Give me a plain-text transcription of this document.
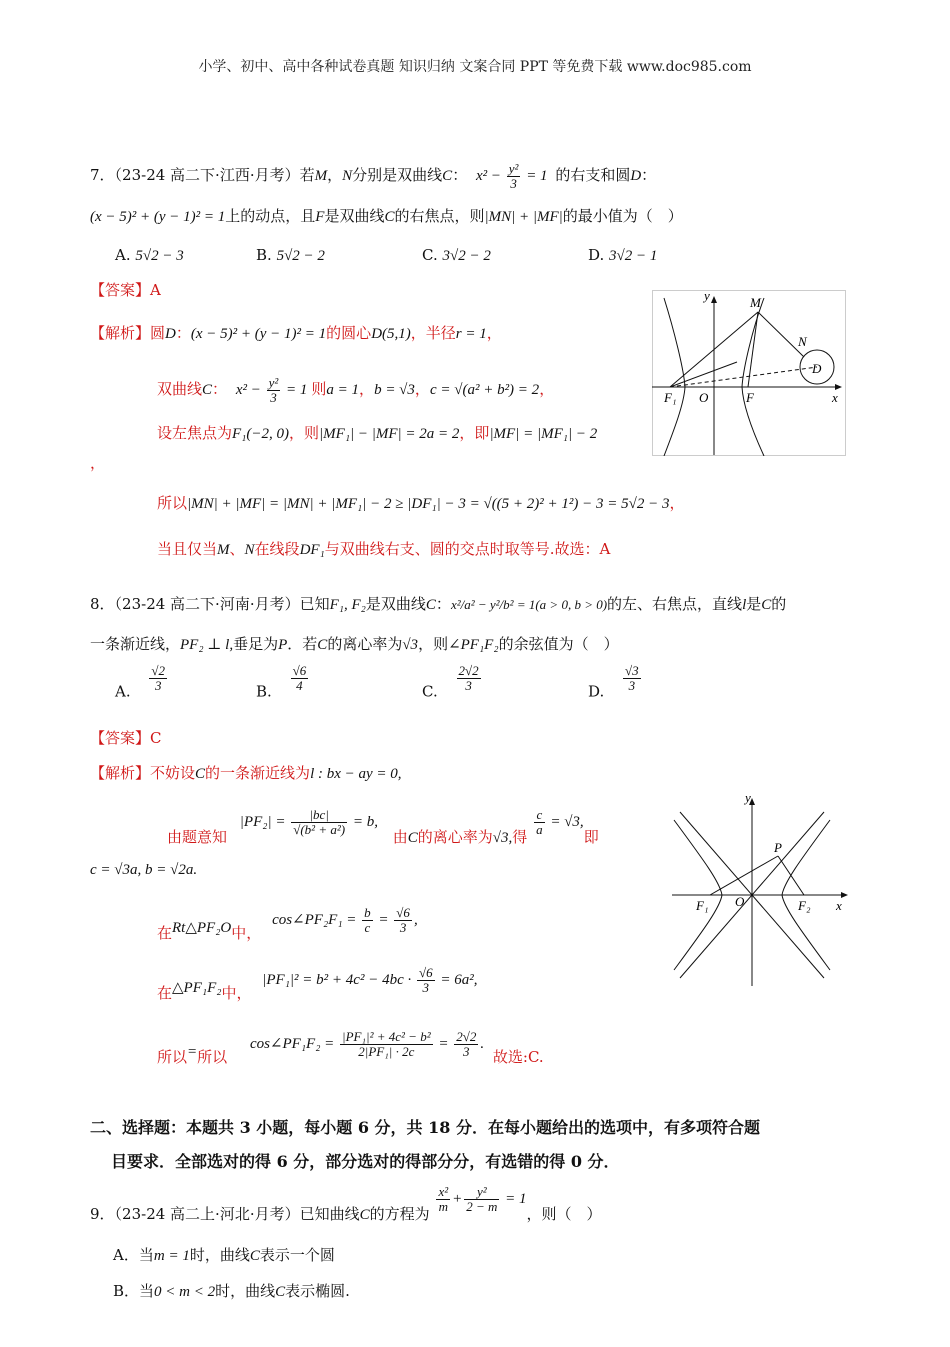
小学、初中、高中各种试卷真题 知识归纳 文案合同 PPT 等免费下载 www.doc985.com
7．（23-24 高二下·江西·月考）若M，N分别是双曲线C： $x^2 - \frac{\text{y²}}{3} = 1$ 的右支和圆D：
(x − 5)² + (y − 1)² = 1上的动点，且F是双曲线C的右焦点，则|MN| + |MF|的最小值为（　）
A. 5√2 − 3	B. 5√2 − 2	C. 3√2 − 2	D. 3√2 − 1
【答案】A
【解析】圆D：(x − 5)² + (y − 1)² = 1的圆心D(5,1)，半径r = 1，
双曲线C： $x^2 - \frac{\text{y²}}{3} = 1$ 则a = 1，b = √3，c = √(a² + b²) = 2，
设左焦点为F₁(−2, 0)，则|MF₁| − |MF| = 2a = 2，即|MF| = |MF₁| − 2
，
所以|MN| + |MF| = |MN| + |MF₁| − 2 ≥ |DF₁| − 3 = √((5 + 2)² + 1²) − 3 = 5√2 − 3，
当且仅当M、N在线段DF₁与双曲线右支、圆的交点时取等号.故选：A
y	M
N
D
F₁ O	F	x
8．（23-24 高二下·河南·月考）已知F₁, F₂是双曲线C：x²/a² − y²/b² = 1(a > 0, b > 0)的左、右焦点，直线l是C的
一条渐近线，PF₂ ⊥ l,垂足为P．若C的离心率为√3，则∠PF₁F₂的余弦值为（　）
A. $\frac{√2}{3}$	B. $\frac{√6}{4}$	C. $\frac{2√2}{3}$	D. $\frac{√3}{3}$
【答案】C
【解析】不妨设C的一条渐近线为l : bx − ay = 0,
由题意知 $|PF_2| = \frac{|bc|}{\text{√(b² + a²)}} = b$, 由C的离心率为√3,得 $\frac{c}{a} = √3$,即
c = √3a, b = √2a.
在Rt△PF₂O中， cos∠PF₂F₁ = $\frac{b}{c} = \frac{√6}{3}$ ,
在△PF₁F₂中， $|PF_1|^2 = b^2 + 4c^2 - 4bc \cdot \frac{√6}{3} = 6a^2$,
所以=所以 cos∠PF₁F₂ = $\frac{\text{|PF₁|² + 4c² − b²}}{\text{2|PF₁| · 2c}} = \frac{2√2}{3}$ . 故选:C.
y
P
F₁ O	F₂ x
二、选择题：本题共 3 小题，每小题 6 分，共 18 分．在每小题给出的选项中，有多项符合题
目要求．全部选对的得 6 分，部分选对的得部分分，有选错的得 0 分．
9．（23-24 高二上·河北·月考）已知曲线C的方程为 $\frac{\text{x²}}{m} + \frac{\text{y²}}{2 - m} = 1$，则（　）
A．当m = 1时，曲线C表示一个圆
B．当0 < m < 2时，曲线C表示椭圆.
